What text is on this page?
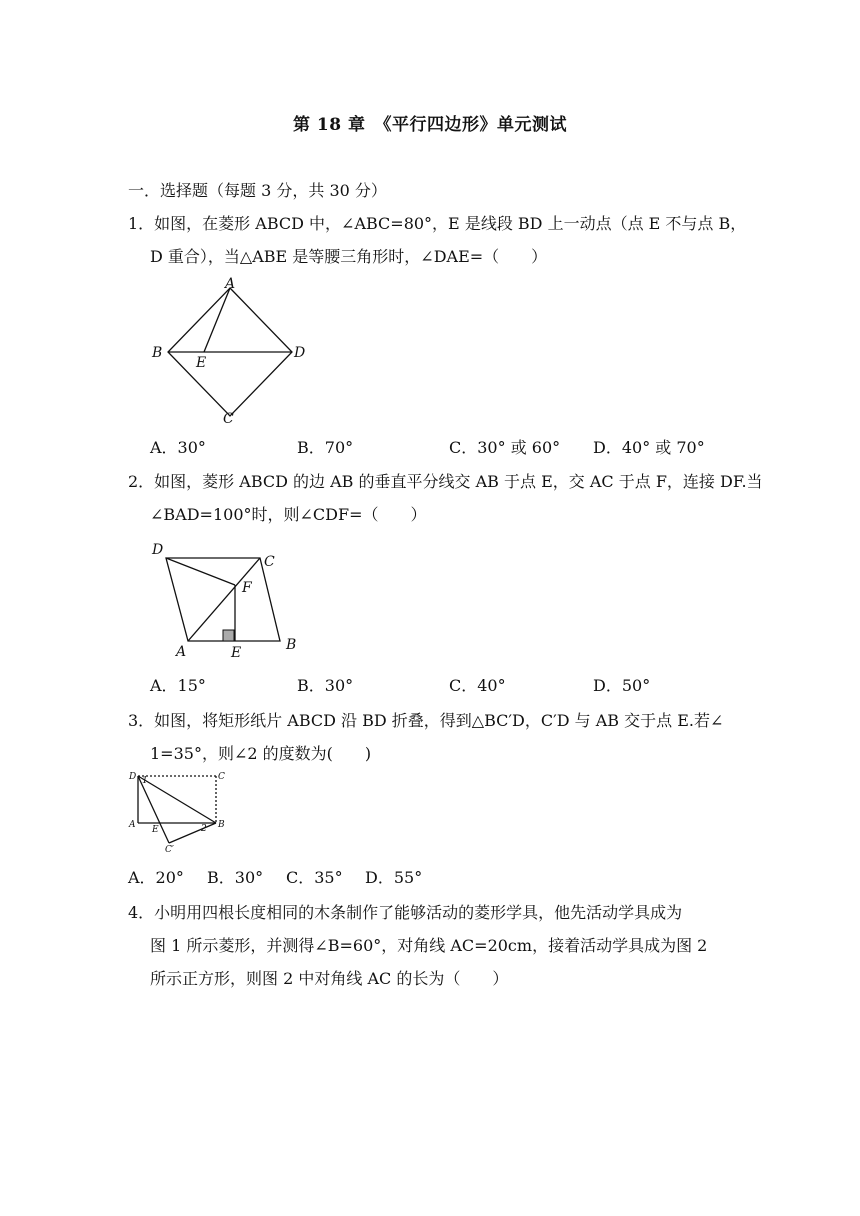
第 18 章　《平行四边形》单元测试
一．选择题（每题 3 分，共 30 分）
1．如图，在菱形 ABCD 中，∠ABC=80°，E 是线段 BD 上一动点（点 E 不与点 B，
D 重合），当△ABE 是等腰三角形时，∠DAE=（　　）
A
B	D
C
E
A．30°	B．70°	C．30° 或 60° D．40° 或 70°
2．如图，菱形 ABCD 的边 AB 的垂直平分线交 AB 于点 E，交 AC 于点 F，连接 DF.当
∠BAD=100°时，则∠CDF=（　　）
D
C
F
A	E	B
A．15°	B．30°	C．40°	D．50°
3．如图，将矩形纸片 ABCD 沿 BD 折叠，得到△BC′D，C′D 与 AB 交于点 E.若∠
1=35°，则∠2 的度数为(　　)
D 1	C
A E	2 B
C′
A．20° B．30° C．35° D．55°
4．小明用四根长度相同的木条制作了能够活动的菱形学具，他先活动学具成为
图 1 所示菱形，并测得∠B=60°，对角线 AC=20cm，接着活动学具成为图 2
所示正方形，则图 2 中对角线 AC 的长为（　　）
